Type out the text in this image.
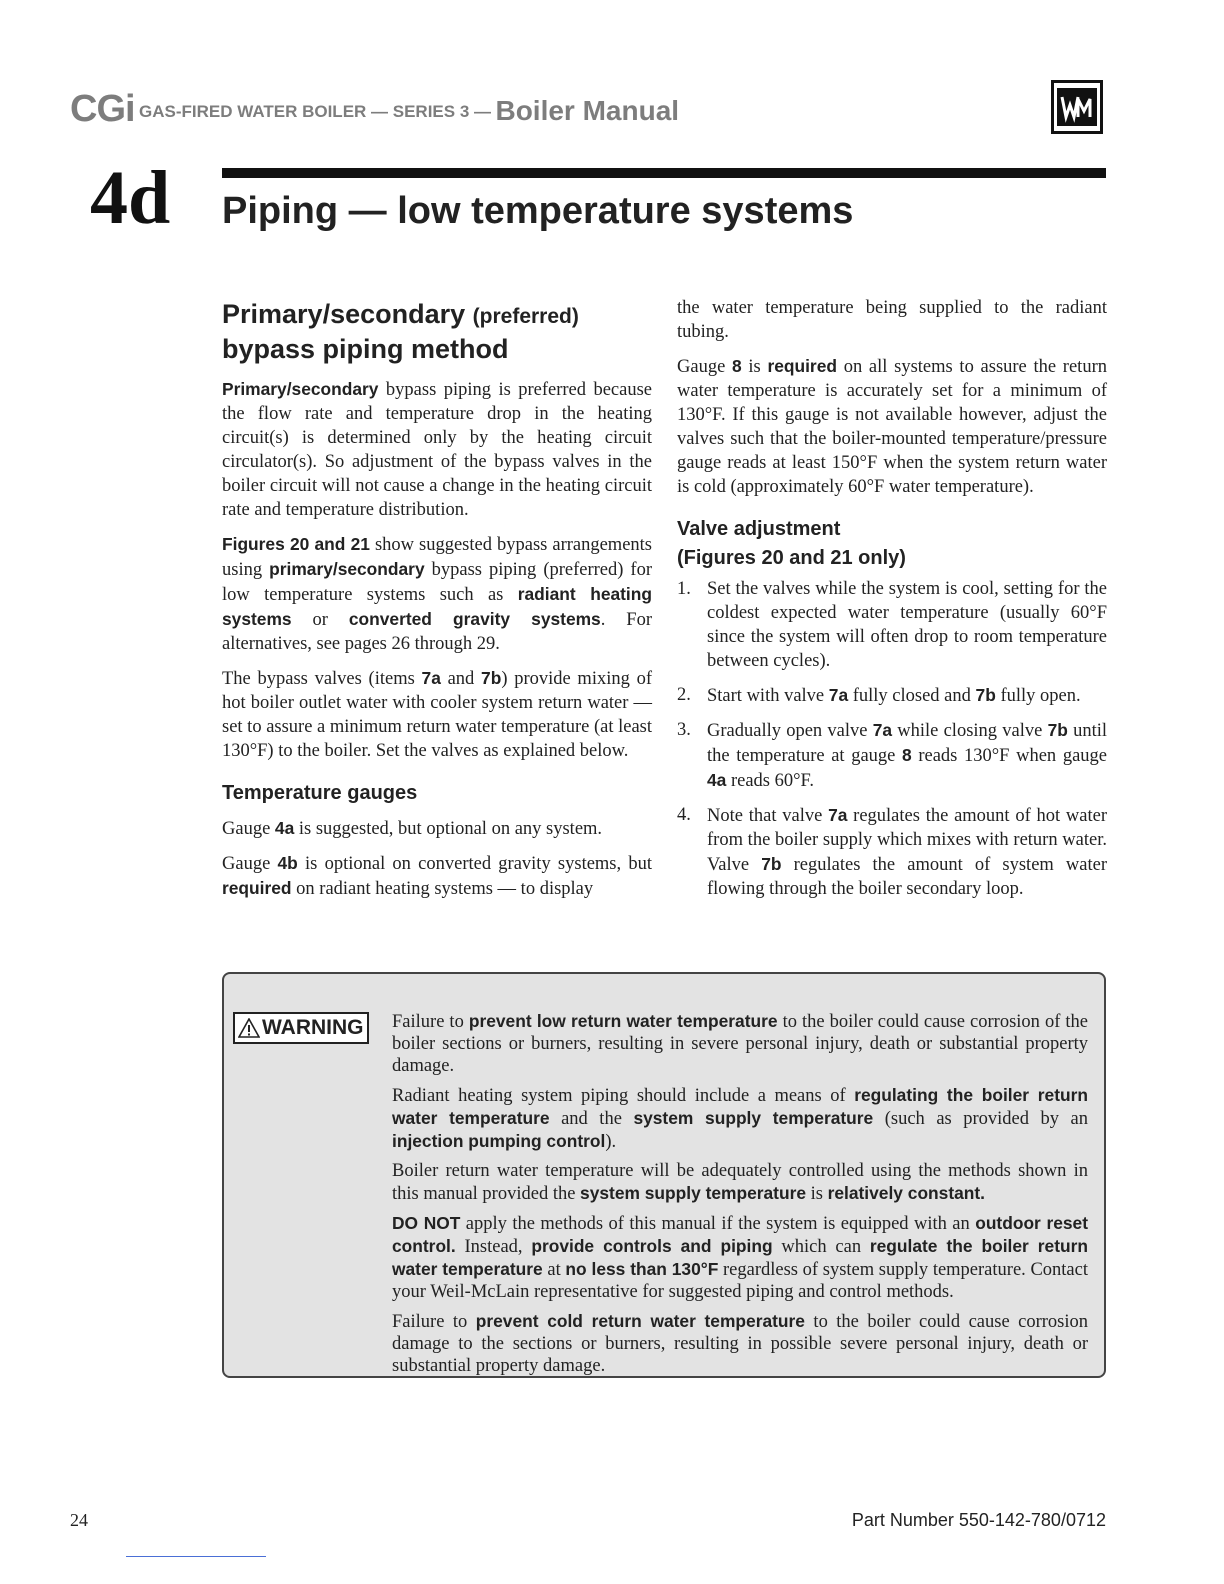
CGi GAS-FIRED WATER BOILER — SERIES 3 — Boiler Manual
4d Piping — low temperature systems
Primary/secondary (preferred)
bypass piping method

Primary/secondary bypass piping is preferred because the flow rate and temperature drop in the heating circuit(s) is determined only by the heating circuit circulator(s). So adjustment of the bypass valves in the boiler circuit will not cause a change in the heating circuit rate and temperature distribution.

Figures 20 and 21 show suggested bypass arrangements using primary/secondary bypass piping (preferred) for low temperature systems such as radiant heating systems or converted gravity systems. For alternatives, see pages 26 through 29.

The bypass valves (items 7a and 7b) provide mixing of hot boiler outlet water with cooler system return water — set to assure a minimum return water temperature (at least 130°F) to the boiler. Set the valves as explained below.

Temperature gauges

Gauge 4a is suggested, but optional on any system.

Gauge 4b is optional on converted gravity systems, but required on radiant heating systems — to display

the water temperature being supplied to the radiant tubing.

Gauge 8 is required on all systems to assure the return water temperature is accurately set for a minimum of 130°F. If this gauge is not available however, adjust the valves such that the boiler-mounted temperature/pressure gauge reads at least 150°F when the system return water is cold (approximately 60°F water temperature).

Valve adjustment
(Figures 20 and 21 only)
1. Set the valves while the system is cool, setting for the coldest expected water temperature (usually 60°F since the system will often drop to room temperature between cycles).
2. Start with valve 7a fully closed and 7b fully open.
3. Gradually open valve 7a while closing valve 7b until the temperature at gauge 8 reads 130°F when gauge 4a reads 60°F.
4. Note that valve 7a regulates the amount of hot water from the boiler supply which mixes with return water. Valve 7b regulates the amount of system water flowing through the boiler secondary loop.
WARNING Failure to prevent low return water temperature to the boiler could cause corrosion of the boiler sections or burners, resulting in severe personal injury, death or substantial property damage.

Radiant heating system piping should include a means of regulating the boiler return water temperature and the system supply temperature (such as provided by an injection pumping control).

Boiler return water temperature will be adequately controlled using the methods shown in this manual provided the system supply temperature is relatively constant.

DO NOT apply the methods of this manual if the system is equipped with an outdoor reset control. Instead, provide controls and piping which can regulate the boiler return water temperature at no less than 130°F regardless of system supply temperature. Contact your Weil-McLain representative for suggested piping and control methods.

Failure to prevent cold return water temperature to the boiler could cause corrosion damage to the sections or burners, resulting in possible severe personal injury, death or substantial property damage.

24	Part Number 550-142-780/0712
